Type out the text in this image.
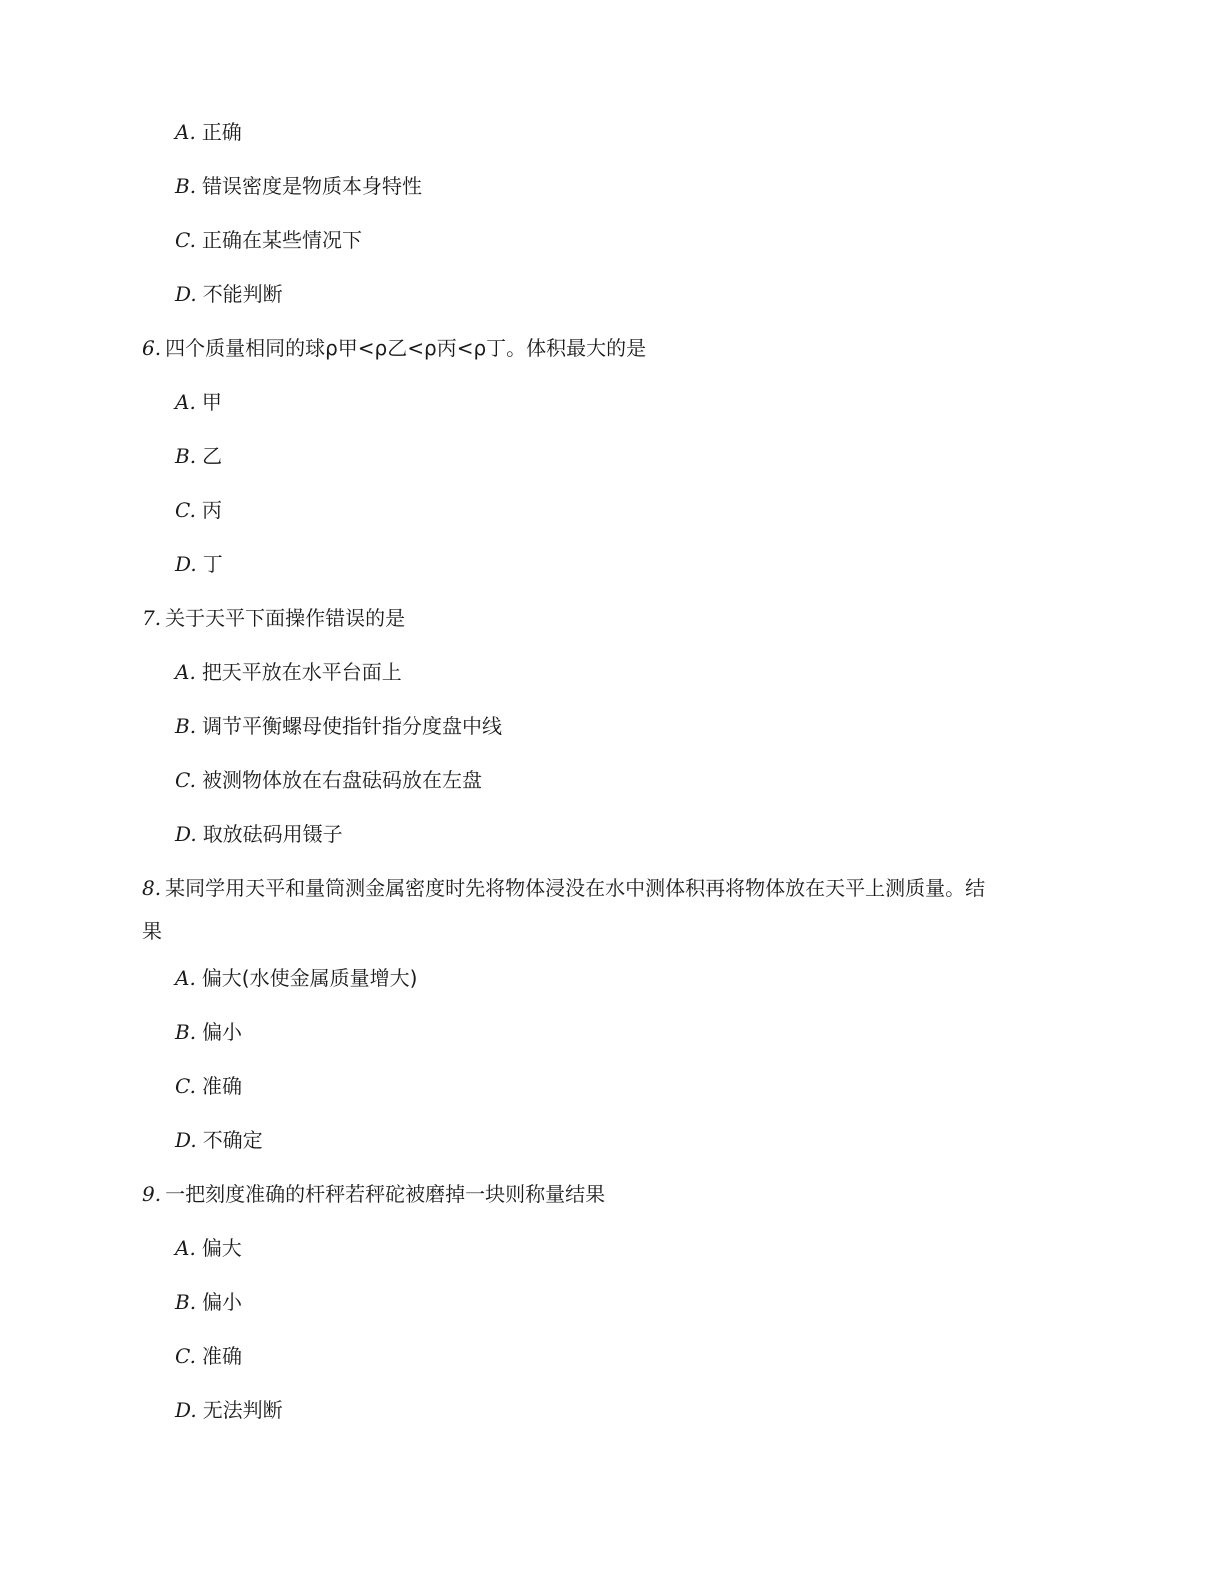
A. 正确
B. 错误密度是物质本身特性
C. 正确在某些情况下
D. 不能判断
6. 四个质量相同的球ρ甲<ρ乙<ρ丙<ρ丁。体积最大的是
A. 甲
B. 乙
C. 丙
D. 丁
7. 关于天平下面操作错误的是
A. 把天平放在水平台面上
B. 调节平衡螺母使指针指分度盘中线
C. 被测物体放在右盘砝码放在左盘
D. 取放砝码用镊子
8. 某同学用天平和量筒测金属密度时先将物体浸没在水中测体积再将物体放在天平上测质量。结
果
A. 偏大(水使金属质量增大)
B. 偏小
C. 准确
D. 不确定
9. 一把刻度准确的杆秤若秤砣被磨掉一块则称量结果
A. 偏大
B. 偏小
C. 准确
D. 无法判断
